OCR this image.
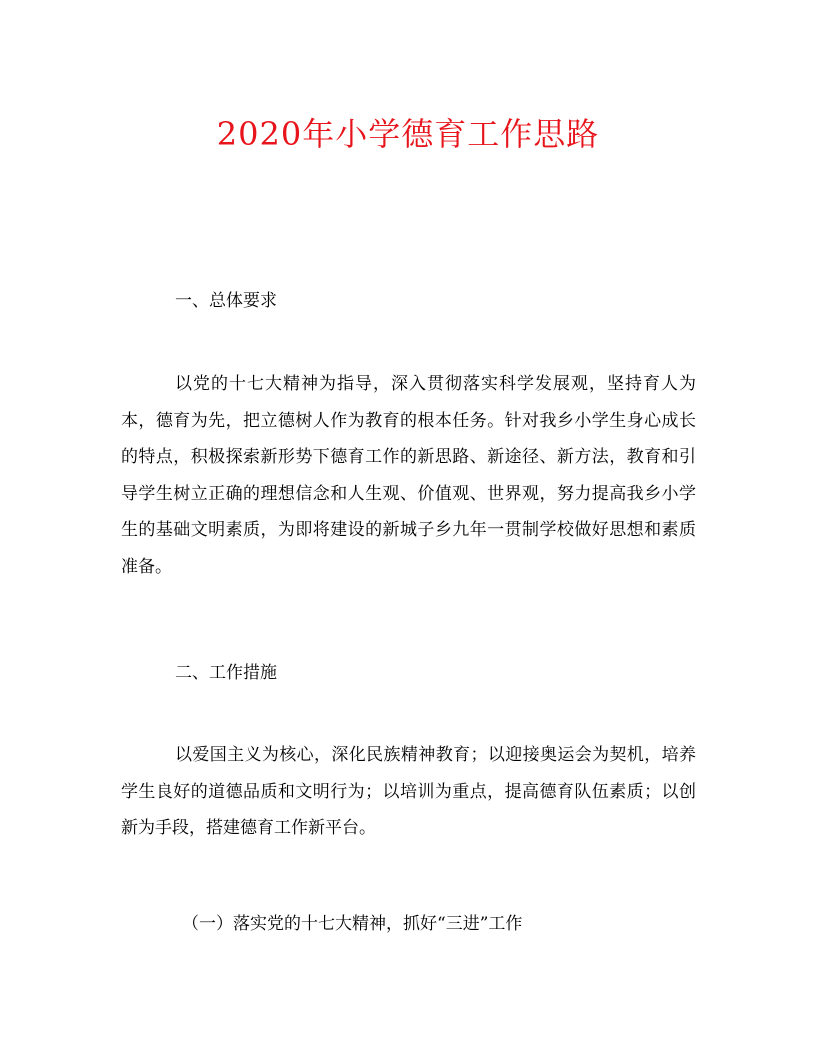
2020年小学德育工作思路

一、总体要求

以党的十七大精神为指导，深入贯彻落实科学发展观，坚持育人为本，德育为先，把立德树人作为教育的根本任务。针对我乡小学生身心成长的特点，积极探索新形势下德育工作的新思路、新途径、新方法，教育和引导学生树立正确的理想信念和人生观、价值观、世界观，努力提高我乡小学生的基础文明素质，为即将建设的新城子乡九年一贯制学校做好思想和素质准备。

二、工作措施

以爱国主义为核心，深化民族精神教育；以迎接奥运会为契机，培养学生良好的道德品质和文明行为；以培训为重点，提高德育队伍素质；以创新为手段，搭建德育工作新平台。

（一）落实党的十七大精神，抓好“三进”工作
